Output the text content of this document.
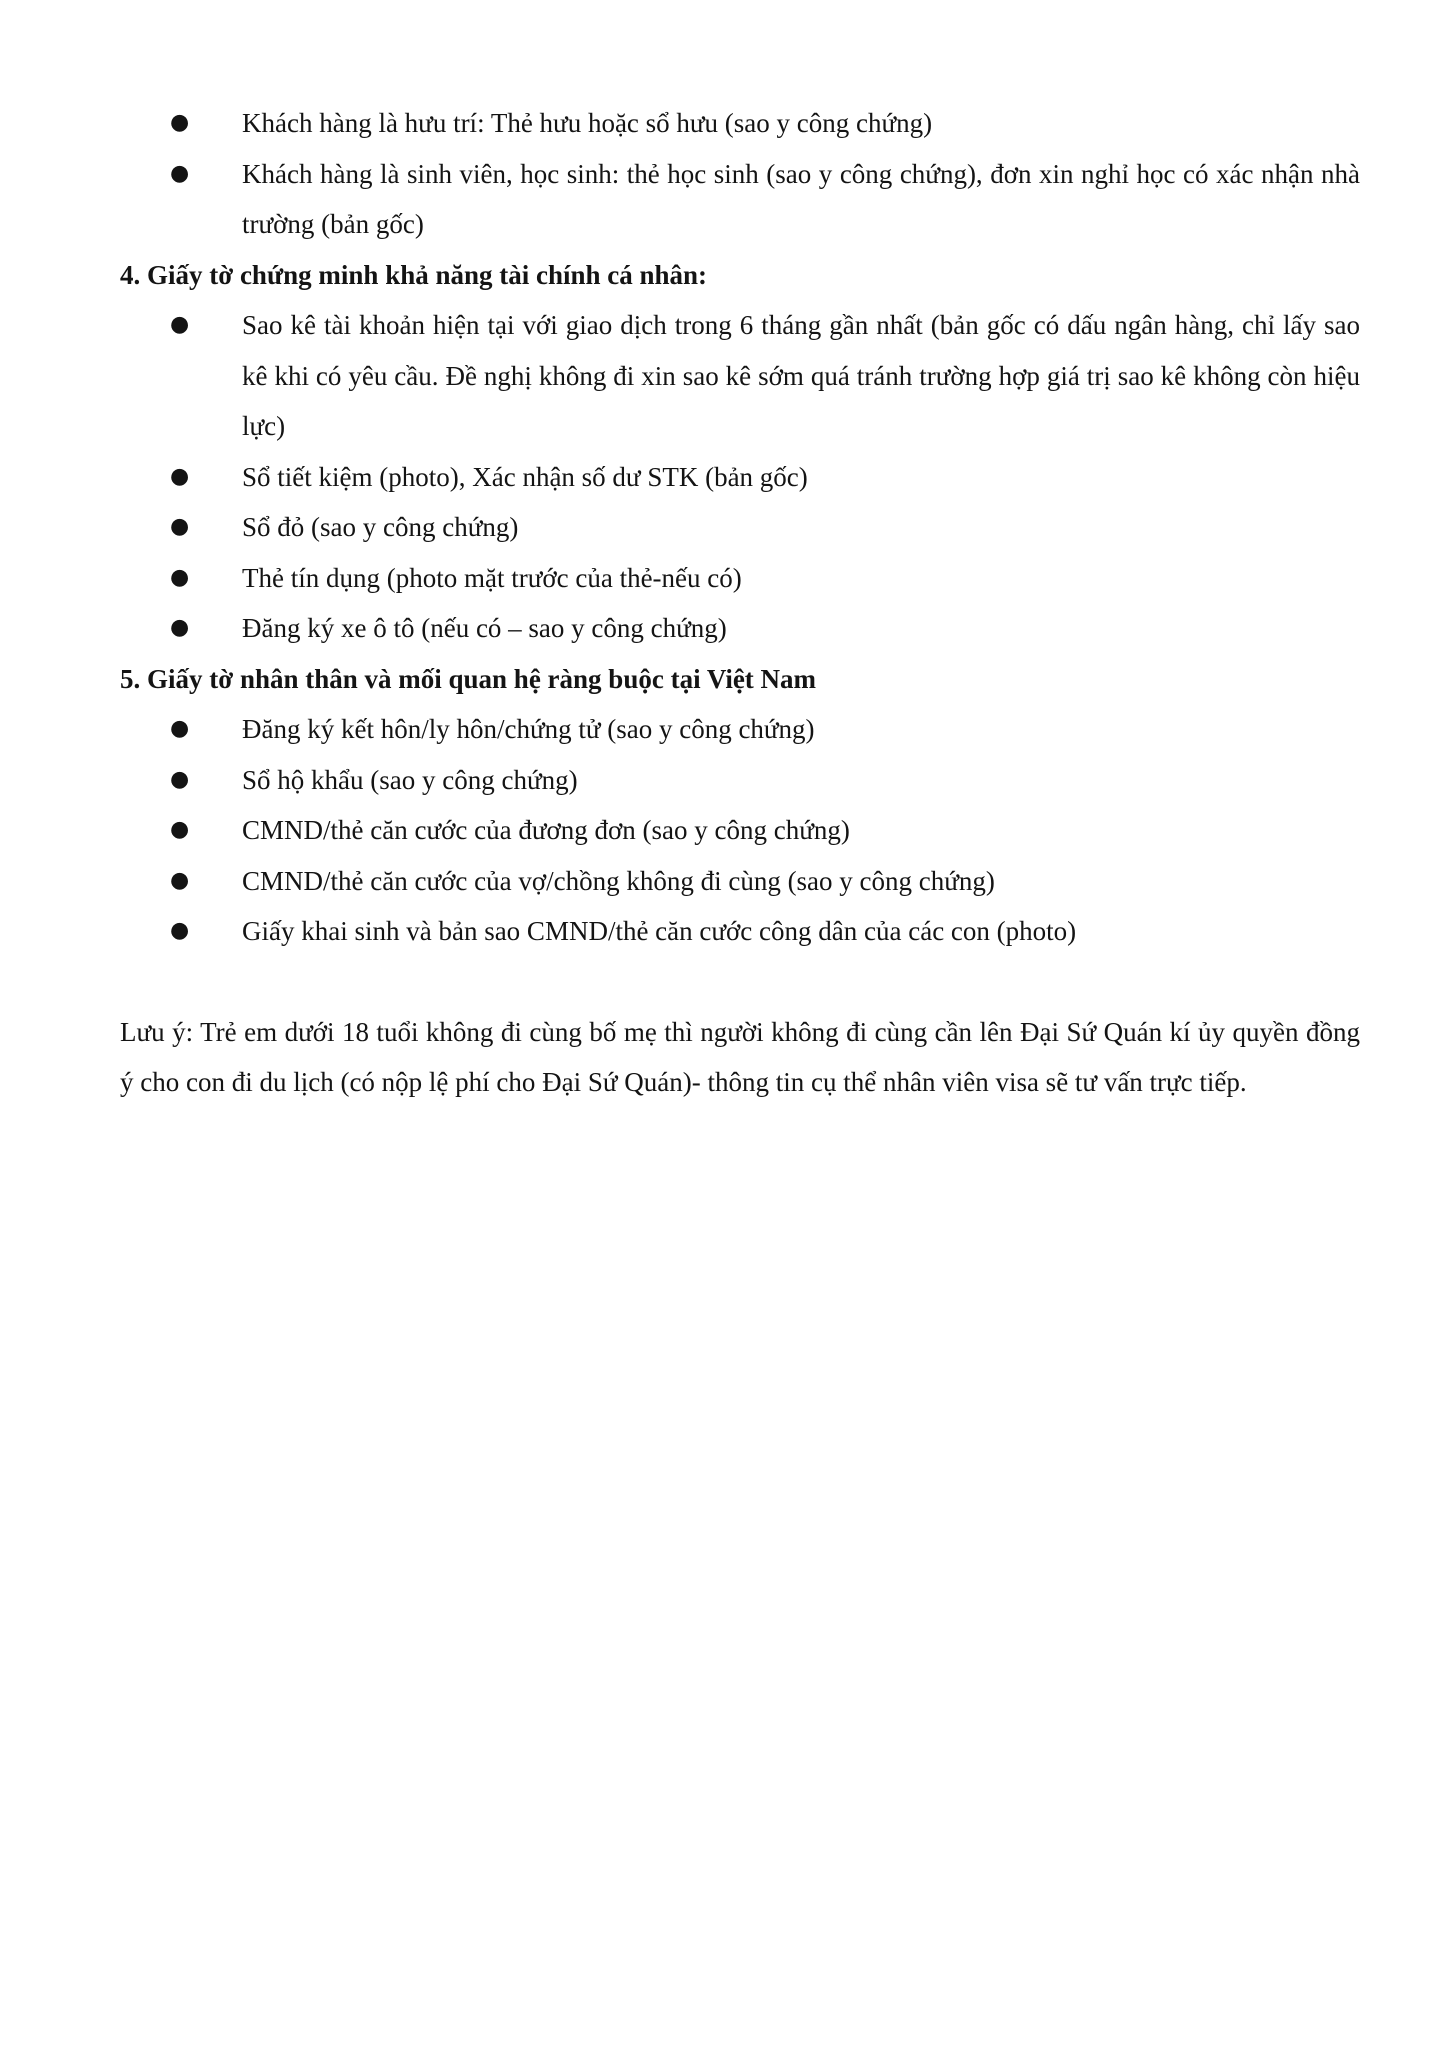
● Khách hàng là hưu trí: Thẻ hưu hoặc sổ hưu (sao y công chứng)
● Khách hàng là sinh viên, học sinh: thẻ học sinh (sao y công chứng), đơn xin nghỉ học có xác nhận nhà trường (bản gốc)
4. Giấy tờ chứng minh khả năng tài chính cá nhân:
● Sao kê tài khoản hiện tại với giao dịch trong 6 tháng gần nhất (bản gốc có dấu ngân hàng, chỉ lấy sao kê khi có yêu cầu. Đề nghị không đi xin sao kê sớm quá tránh trường hợp giá trị sao kê không còn hiệu lực)
● Sổ tiết kiệm (photo), Xác nhận số dư STK (bản gốc)
● Sổ đỏ (sao y công chứng)
● Thẻ tín dụng (photo mặt trước của thẻ-nếu có)
● Đăng ký xe ô tô (nếu có – sao y công chứng)
5. Giấy tờ nhân thân và mối quan hệ ràng buộc tại Việt Nam
● Đăng ký kết hôn/ly hôn/chứng tử (sao y công chứng)
● Sổ hộ khẩu (sao y công chứng)
● CMND/thẻ căn cước của đương đơn (sao y công chứng)
● CMND/thẻ căn cước của vợ/chồng không đi cùng (sao y công chứng)
● Giấy khai sinh và bản sao CMND/thẻ căn cước công dân của các con (photo)

Lưu ý: Trẻ em dưới 18 tuổi không đi cùng bố mẹ thì người không đi cùng cần lên Đại Sứ Quán kí ủy quyền đồng ý cho con đi du lịch (có nộp lệ phí cho Đại Sứ Quán)- thông tin cụ thể nhân viên visa sẽ tư vấn trực tiếp.
